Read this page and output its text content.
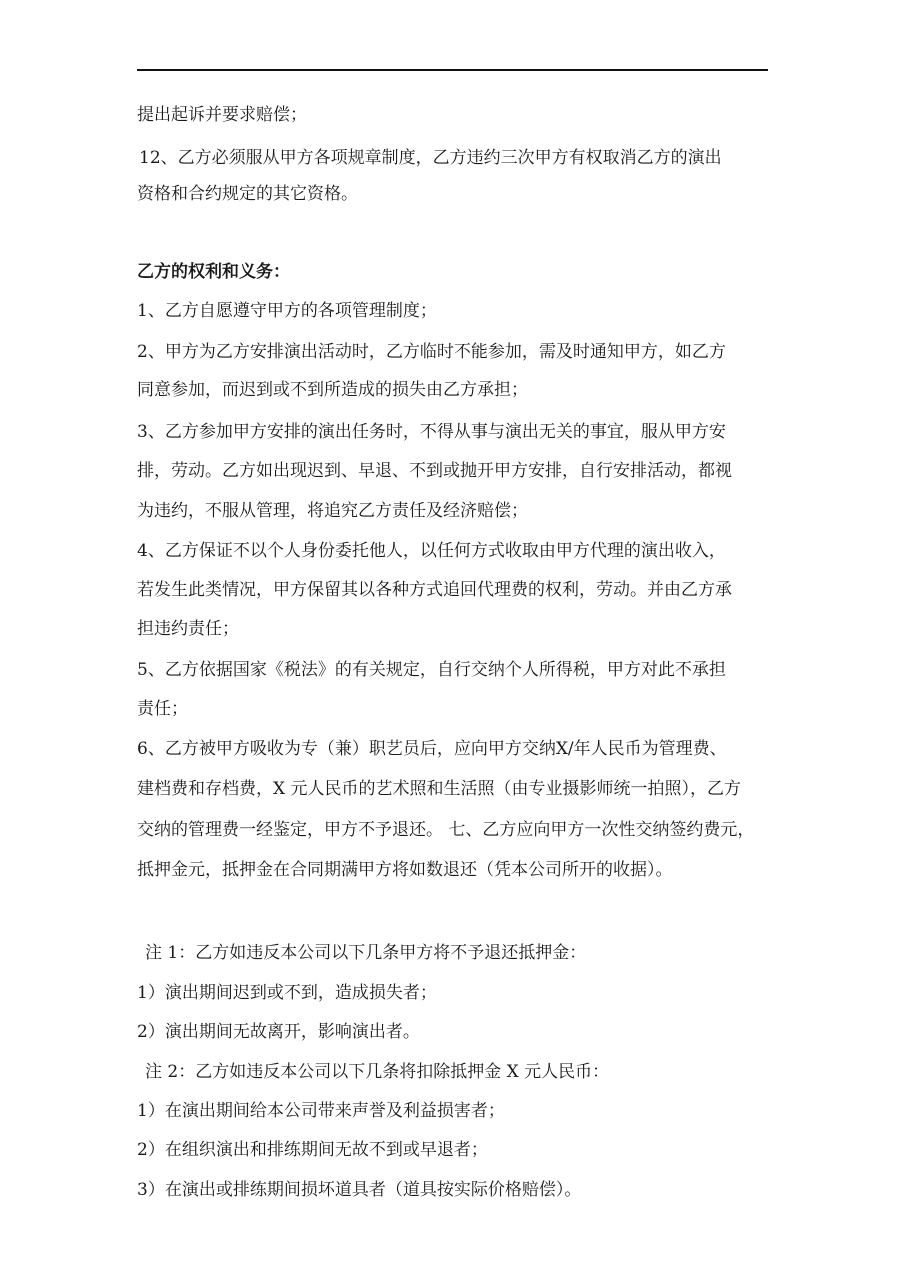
提出起诉并要求赔偿；
12、乙方必须服从甲方各项规章制度，乙方违约三次甲方有权取消乙方的演出
资格和合约规定的其它资格。
乙方的权利和义务：
1、乙方自愿遵守甲方的各项管理制度；
2、甲方为乙方安排演出活动时，乙方临时不能参加，需及时通知甲方，如乙方
同意参加，而迟到或不到所造成的损失由乙方承担；
3、乙方参加甲方安排的演出任务时，不得从事与演出无关的事宜，服从甲方安
排，劳动。乙方如出现迟到、早退、不到或抛开甲方安排，自行安排活动，都视
为违约，不服从管理，将追究乙方责任及经济赔偿；
4、乙方保证不以个人身份委托他人，以任何方式收取由甲方代理的演出收入，
若发生此类情况，甲方保留其以各种方式追回代理费的权利，劳动。并由乙方承
担违约责任；
5、乙方依据国家《税法》的有关规定，自行交纳个人所得税，甲方对此不承担
责任；
6、乙方被甲方吸收为专（兼）职艺员后，应向甲方交纳X/年人民币为管理费、
建档费和存档费，X 元人民币的艺术照和生活照（由专业摄影师统一拍照），乙方
交纳的管理费一经鉴定，甲方不予退还。 七、乙方应向甲方一次性交纳签约费元，
抵押金元，抵押金在合同期满甲方将如数退还（凭本公司所开的收据）。
注 1：乙方如违反本公司以下几条甲方将不予退还抵押金：
1）演出期间迟到或不到，造成损失者；
2）演出期间无故离开，影响演出者。
注 2：乙方如违反本公司以下几条将扣除抵押金 X 元人民币：
1）在演出期间给本公司带来声誉及利益损害者；
2）在组织演出和排练期间无故不到或早退者；
3）在演出或排练期间损坏道具者（道具按实际价格赔偿）。
